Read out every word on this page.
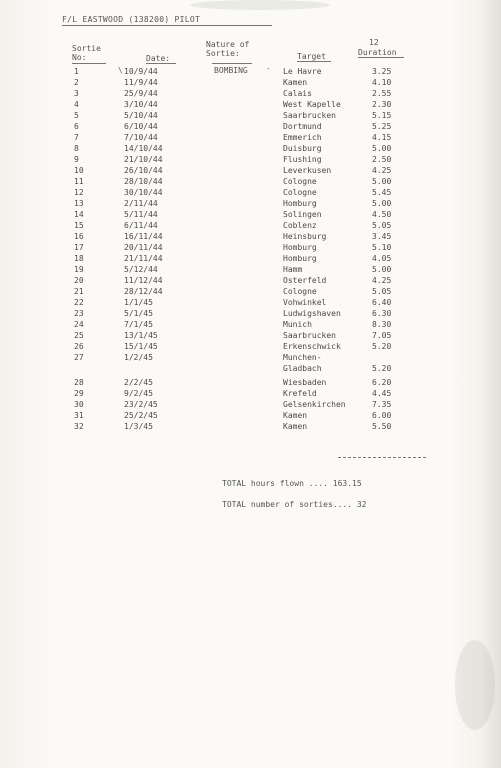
F/L EASTWOOD (138200) PILOT
Sortie
No:	Date:
Nature of
Sortie:	Target
12
Duration
BOMBING
\	-
1	10/9/44	Le Havre	3.25
2	11/9/44	Kamen	4.10
3	25/9/44	Calais	2.55
4	3/10/44	West Kapelle	2.30
5	5/10/44	Saarbrucken	5.15
6	6/10/44	Dortmund	5.25
7	7/10/44	Emmerich	4.15
8	14/10/44	Duisburg	5.00
9	21/10/44	Flushing	2.50
10	26/10/44	Leverkusen	4.25
11	28/10/44	Cologne	5.00
12	30/10/44	Cologne	5.45
13	2/11/44	Homburg	5.00
14	5/11/44	Solingen	4.50
15	6/11/44	Coblenz	5.05
16	16/11/44	Heinsburg	3.45
17	20/11/44	Homburg	5.10
18	21/11/44	Homburg	4.05
19	5/12/44	Hamm	5.00
20	11/12/44	Osterfeld	4.25
21	28/12/44	Cologne	5.05
22	1/1/45	Vohwinkel	6.40
23	5/1/45	Ludwigshaven	6.30
24	7/1/45	Munich	8.30
25	13/1/45	Saarbrucken	7.05
26	15/1/45	Erkenschwick	5.20
27	1/2/45	Munchen-
Gladbach	5.20
28	2/2/45	Wiesbaden	6.20
29	9/2/45	Krefeld	4.45
30	23/2/45	Gelsenkirchen	7.35
31	25/2/45	Kamen	6.00
32	1/3/45	Kamen	5.50
TOTAL hours flown .... 163.15
TOTAL number of sorties.... 32
